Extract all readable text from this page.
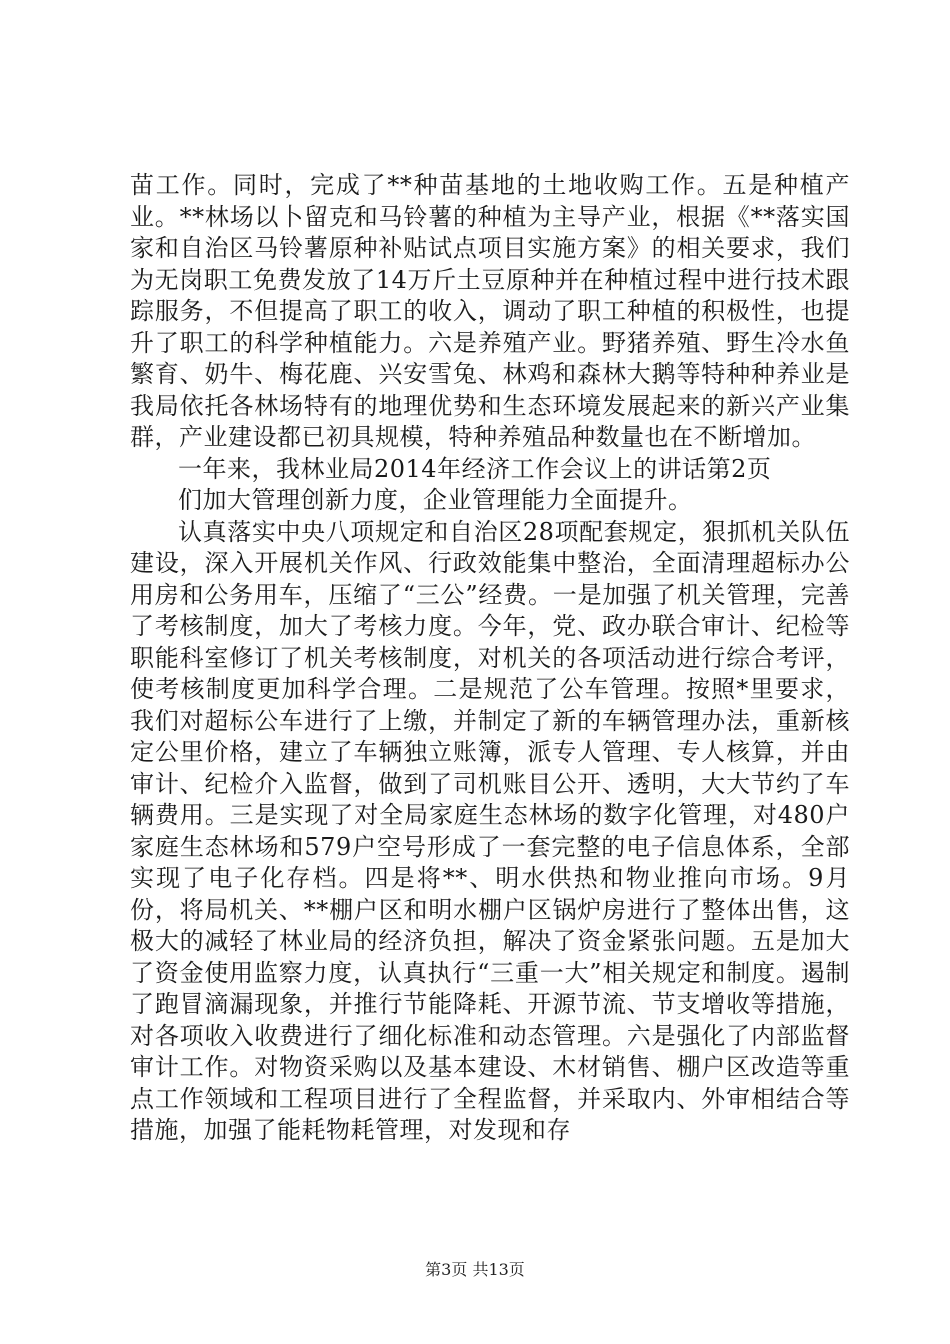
苗工作。同时，完成了**种苗基地的土地收购工作。五是种植产业。**林场以卜留克和马铃薯的种植为主导产业，根据《**落实国家和自治区马铃薯原种补贴试点项目实施方案》的相关要求，我们为无岗职工免费发放了14万斤土豆原种并在种植过程中进行技术跟踪服务，不但提高了职工的收入，调动了职工种植的积极性，也提升了职工的科学种植能力。六是养殖产业。野猪养殖、野生冷水鱼繁育、奶牛、梅花鹿、兴安雪兔、林鸡和森林大鹅等特种种养业是我局依托各林场特有的地理优势和生态环境发展起来的新兴产业集群，产业建设都已初具规模，特种养殖品种数量也在不断增加。

一年来，我林业局2014年经济工作会议上的讲话第2页

们加大管理创新力度，企业管理能力全面提升。

认真落实中央八项规定和自治区28项配套规定，狠抓机关队伍建设，深入开展机关作风、行政效能集中整治，全面清理超标办公用房和公务用车，压缩了“三公”经费。一是加强了机关管理，完善了考核制度，加大了考核力度。今年，党、政办联合审计、纪检等职能科室修订了机关考核制度，对机关的各项活动进行综合考评，使考核制度更加科学合理。二是规范了公车管理。按照*里要求，我们对超标公车进行了上缴，并制定了新的车辆管理办法，重新核定公里价格，建立了车辆独立账簿，派专人管理、专人核算，并由审计、纪检介入监督，做到了司机账目公开、透明，大大节约了车辆费用。三是实现了对全局家庭生态林场的数字化管理，对480户家庭生态林场和579户空号形成了一套完整的电子信息体系，全部实现了电子化存档。四是将**、明水供热和物业推向市场。9月份，将局机关、**棚户区和明水棚户区锅炉房进行了整体出售，这极大的减轻了林业局的经济负担，解决了资金紧张问题。五是加大了资金使用监察力度，认真执行“三重一大”相关规定和制度。遏制了跑冒滴漏现象，并推行节能降耗、开源节流、节支增收等措施，对各项收入收费进行了细化标准和动态管理。六是强化了内部监督审计工作。对物资采购以及基本建设、木材销售、棚户区改造等重点工作领域和工程项目进行了全程监督，并采取内、外审相结合等措施，加强了能耗物耗管理，对发现和存

第3页 共13页
